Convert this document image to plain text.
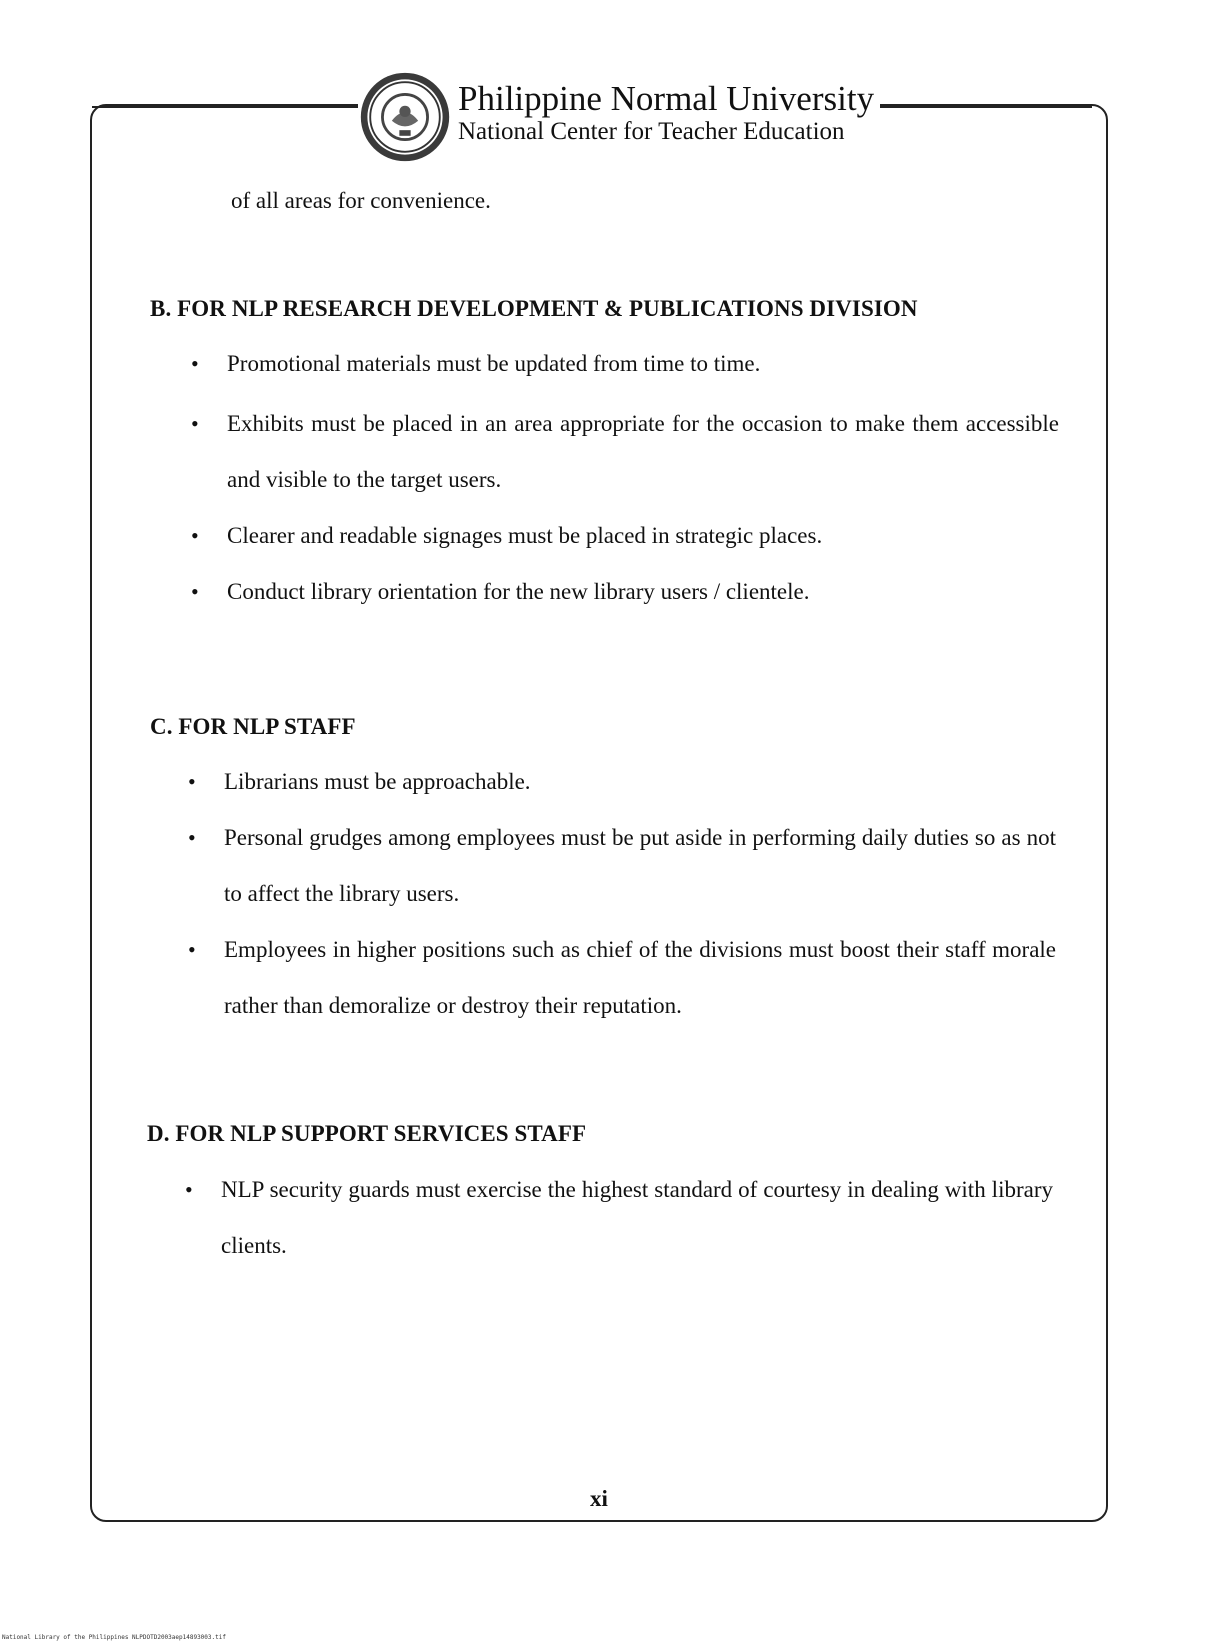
Philippine Normal University
National Center for Teacher Education
of all areas for convenience.
B. FOR NLP RESEARCH DEVELOPMENT & PUBLICATIONS DIVISION
• Promotional materials must be updated from time to time.
• Exhibits must be placed in an area appropriate for the occasion to make them accessible and visible to the target users.
• Clearer and readable signages must be placed in strategic places.
• Conduct library orientation for the new library users / clientele.
C. FOR NLP STAFF
• Librarians must be approachable.
• Personal grudges among employees must be put aside in performing daily duties so as not to affect the library users.
• Employees in higher positions such as chief of the divisions must boost their staff morale rather than demoralize or destroy their reputation.
D. FOR NLP SUPPORT SERVICES STAFF
• NLP security guards must exercise the highest standard of courtesy in dealing with library clients.
xi
National Library of the Philippines NLPDOTD2003aep14893003.tif
